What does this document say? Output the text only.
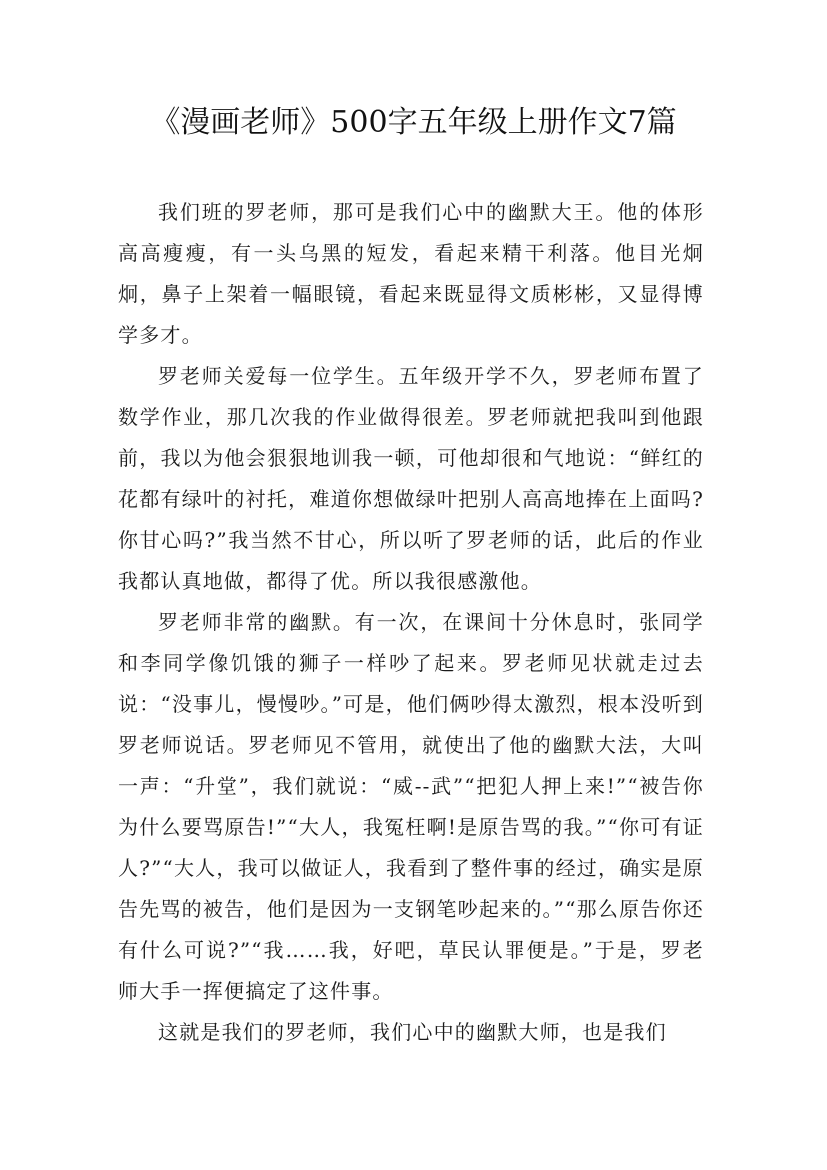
《漫画老师》500字五年级上册作文7篇

我们班的罗老师，那可是我们心中的幽默大王。他的体形高高瘦瘦，有一头乌黑的短发，看起来精干利落。他目光炯炯，鼻子上架着一幅眼镜，看起来既显得文质彬彬，又显得博学多才。

罗老师关爱每一位学生。五年级开学不久，罗老师布置了数学作业，那几次我的作业做得很差。罗老师就把我叫到他跟前，我以为他会狠狠地训我一顿，可他却很和气地说：“鲜红的花都有绿叶的衬托，难道你想做绿叶把别人高高地捧在上面吗?你甘心吗?”我当然不甘心，所以听了罗老师的话，此后的作业我都认真地做，都得了优。所以我很感激他。

罗老师非常的幽默。有一次，在课间十分休息时，张同学和李同学像饥饿的狮子一样吵了起来。罗老师见状就走过去说：“没事儿，慢慢吵。”可是，他们俩吵得太激烈，根本没听到罗老师说话。罗老师见不管用，就使出了他的幽默大法，大叫一声：“升堂”，我们就说：“威--武”“把犯人押上来!”“被告你为什么要骂原告!”“大人，我冤枉啊!是原告骂的我。”“你可有证人?”“大人，我可以做证人，我看到了整件事的经过，确实是原告先骂的被告，他们是因为一支钢笔吵起来的。”“那么原告你还有什么可说?”“我……我，好吧，草民认罪便是。”于是，罗老师大手一挥便搞定了这件事。

这就是我们的罗老师，我们心中的幽默大师，也是我们
